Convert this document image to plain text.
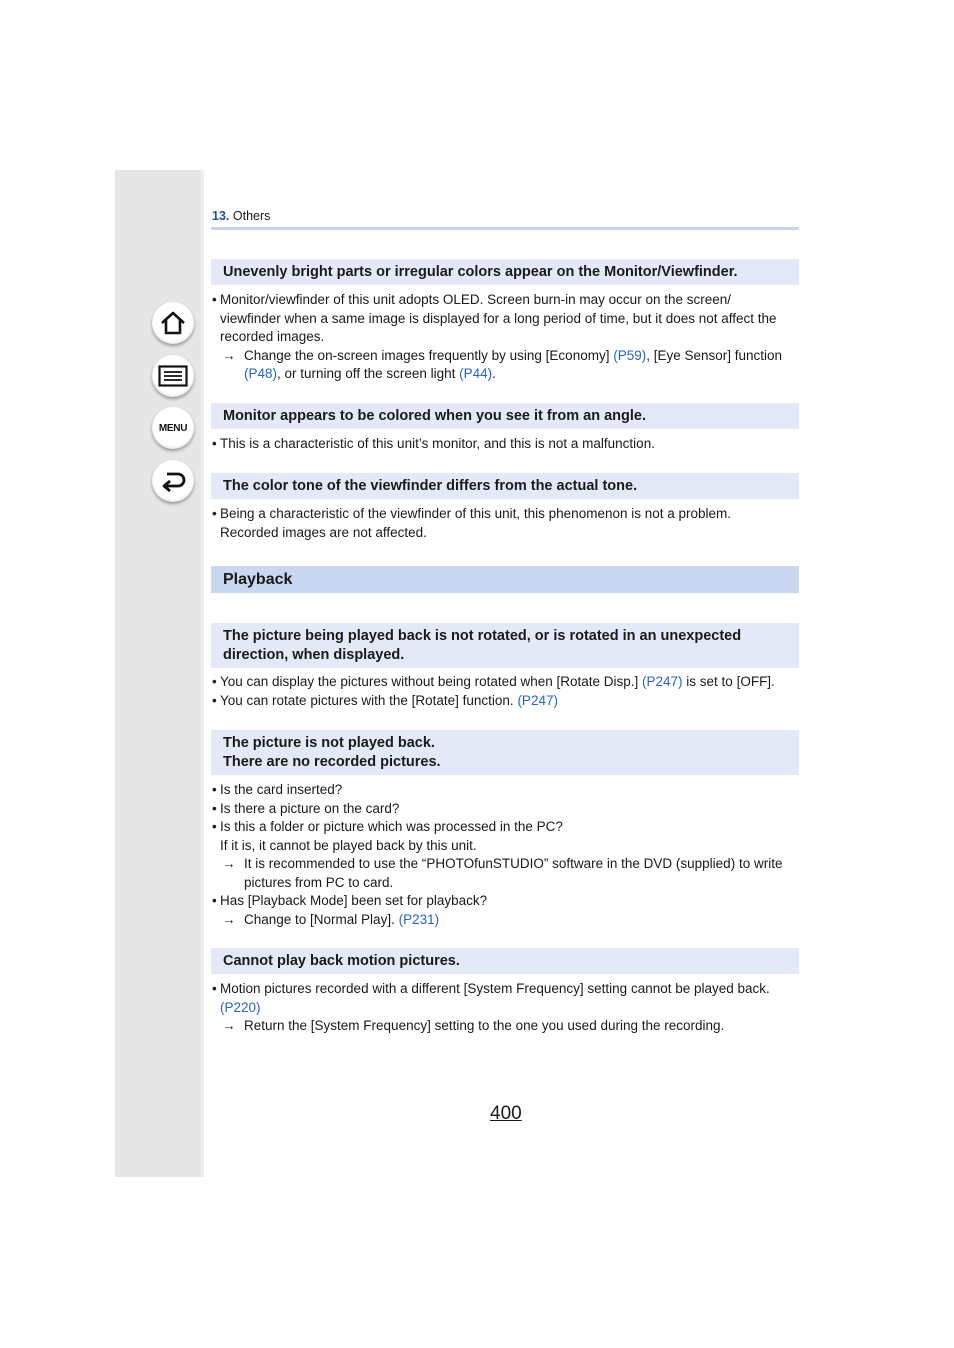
MENU
13. Others
Unevenly bright parts or irregular colors appear on the Monitor/Viewfinder.
• Monitor/viewfinder of this unit adopts OLED. Screen burn-in may occur on the screen/
viewfinder when a same image is displayed for a long period of time, but it does not affect the
recorded images.
→ Change the on-screen images frequently by using [Economy] (P59), [Eye Sensor] function
(P48), or turning off the screen light (P44).
Monitor appears to be colored when you see it from an angle.
• This is a characteristic of this unit’s monitor, and this is not a malfunction.
The color tone of the viewfinder differs from the actual tone.
• Being a characteristic of the viewfinder of this unit, this phenomenon is not a problem.
Recorded images are not affected.
Playback
The picture being played back is not rotated, or is rotated in an unexpected
direction, when displayed.
• You can display the pictures without being rotated when [Rotate Disp.] (P247) is set to [OFF].
• You can rotate pictures with the [Rotate] function. (P247)
The picture is not played back.
There are no recorded pictures.
• Is the card inserted?
• Is there a picture on the card?
• Is this a folder or picture which was processed in the PC?
If it is, it cannot be played back by this unit.
→ It is recommended to use the “PHOTOfunSTUDIO” software in the DVD (supplied) to write
pictures from PC to card.
• Has [Playback Mode] been set for playback?
→ Change to [Normal Play]. (P231)
Cannot play back motion pictures.
• Motion pictures recorded with a different [System Frequency] setting cannot be played back.
(P220)
→ Return the [System Frequency] setting to the one you used during the recording.
400
